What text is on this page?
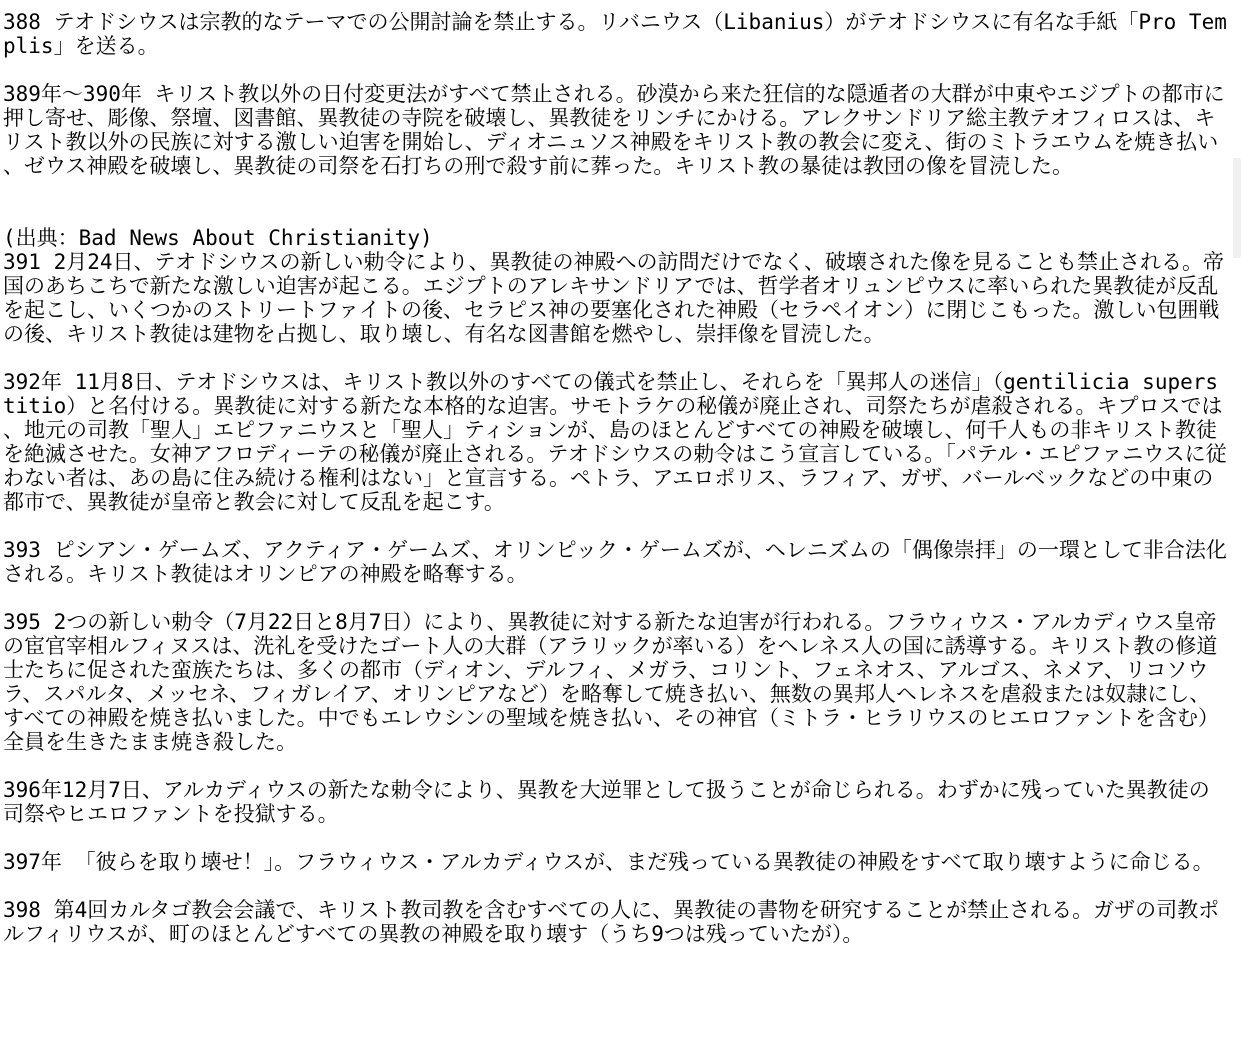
388 テオドシウスは宗教的なテーマでの公開討論を禁止する。リバニウス（Libanius）がテオドシウスに有名な手紙「Pro Templis」を送る。

389年～390年 キリスト教以外の日付変更法がすべて禁止される。砂漠から来た狂信的な隠遁者の大群が中東やエジプトの都市に押し寄せ、彫像、祭壇、図書館、異教徒の寺院を破壊し、異教徒をリンチにかける。アレクサンドリア総主教テオフィロスは、キリスト教以外の民族に対する激しい迫害を開始し、ディオニュソス神殿をキリスト教の教会に変え、街のミトラエウムを焼き払い、ゼウス神殿を破壊し、異教徒の司祭を石打ちの刑で殺す前に葬った。キリスト教の暴徒は教団の像を冒涜した。

(出典：Bad News About Christianity)

391 2月24日、テオドシウスの新しい勅令により、異教徒の神殿への訪問だけでなく、破壊された像を見ることも禁止される。帝国のあちこちで新たな激しい迫害が起こる。エジプトのアレキサンドリアでは、哲学者オリュンピウスに率いられた異教徒が反乱を起こし、いくつかのストリートファイトの後、セラピス神の要塞化された神殿（セラペイオン）に閉じこもった。激しい包囲戦の後、キリスト教徒は建物を占拠し、取り壊し、有名な図書館を燃やし、崇拝像を冒涜した。

392年 11月8日、テオドシウスは、キリスト教以外のすべての儀式を禁止し、それらを「異邦人の迷信」（gentilicia superstitio）と名付ける。異教徒に対する新たな本格的な迫害。サモトラケの秘儀が廃止され、司祭たちが虐殺される。キプロスでは、地元の司教「聖人」エピファニウスと「聖人」ティションが、島のほとんどすべての神殿を破壊し、何千人もの非キリスト教徒を絶滅させた。女神アフロディーテの秘儀が廃止される。テオドシウスの勅令はこう宣言している。「パテル・エピファニウスに従わない者は、あの島に住み続ける権利はない」と宣言する。ペトラ、アエロポリス、ラフィア、ガザ、バールベックなどの中東の都市で、異教徒が皇帝と教会に対して反乱を起こす。

393 ピシアン・ゲームズ、アクティア・ゲームズ、オリンピック・ゲームズが、ヘレニズムの「偶像崇拝」の一環として非合法化される。キリスト教徒はオリンピアの神殿を略奪する。

395 2つの新しい勅令（7月22日と8月7日）により、異教徒に対する新たな迫害が行われる。フラウィウス・アルカディウス皇帝の宦官宰相ルフィヌスは、洗礼を受けたゴート人の大群（アラリックが率いる）をヘレネス人の国に誘導する。キリスト教の修道士たちに促された蛮族たちは、多くの都市（ディオン、デルフィ、メガラ、コリント、フェネオス、アルゴス、ネメア、リコソウラ、スパルタ、メッセネ、フィガレイア、オリンピアなど）を略奪して焼き払い、無数の異邦人ヘレネスを虐殺または奴隷にし、すべての神殿を焼き払いました。中でもエレウシンの聖域を焼き払い、その神官（ミトラ・ヒラリウスのヒエロファントを含む）全員を生きたまま焼き殺した。

396年12月7日、アルカディウスの新たな勅令により、異教を大逆罪として扱うことが命じられる。わずかに残っていた異教徒の司祭やヒエロファントを投獄する。

397年 「彼らを取り壊せ！」。フラウィウス・アルカディウスが、まだ残っている異教徒の神殿をすべて取り壊すように命じる。

398 第4回カルタゴ教会会議で、キリスト教司教を含むすべての人に、異教徒の書物を研究することが禁止される。ガザの司教ポルフィリウスが、町のほとんどすべての異教の神殿を取り壊す（うち9つは残っていたが）。
